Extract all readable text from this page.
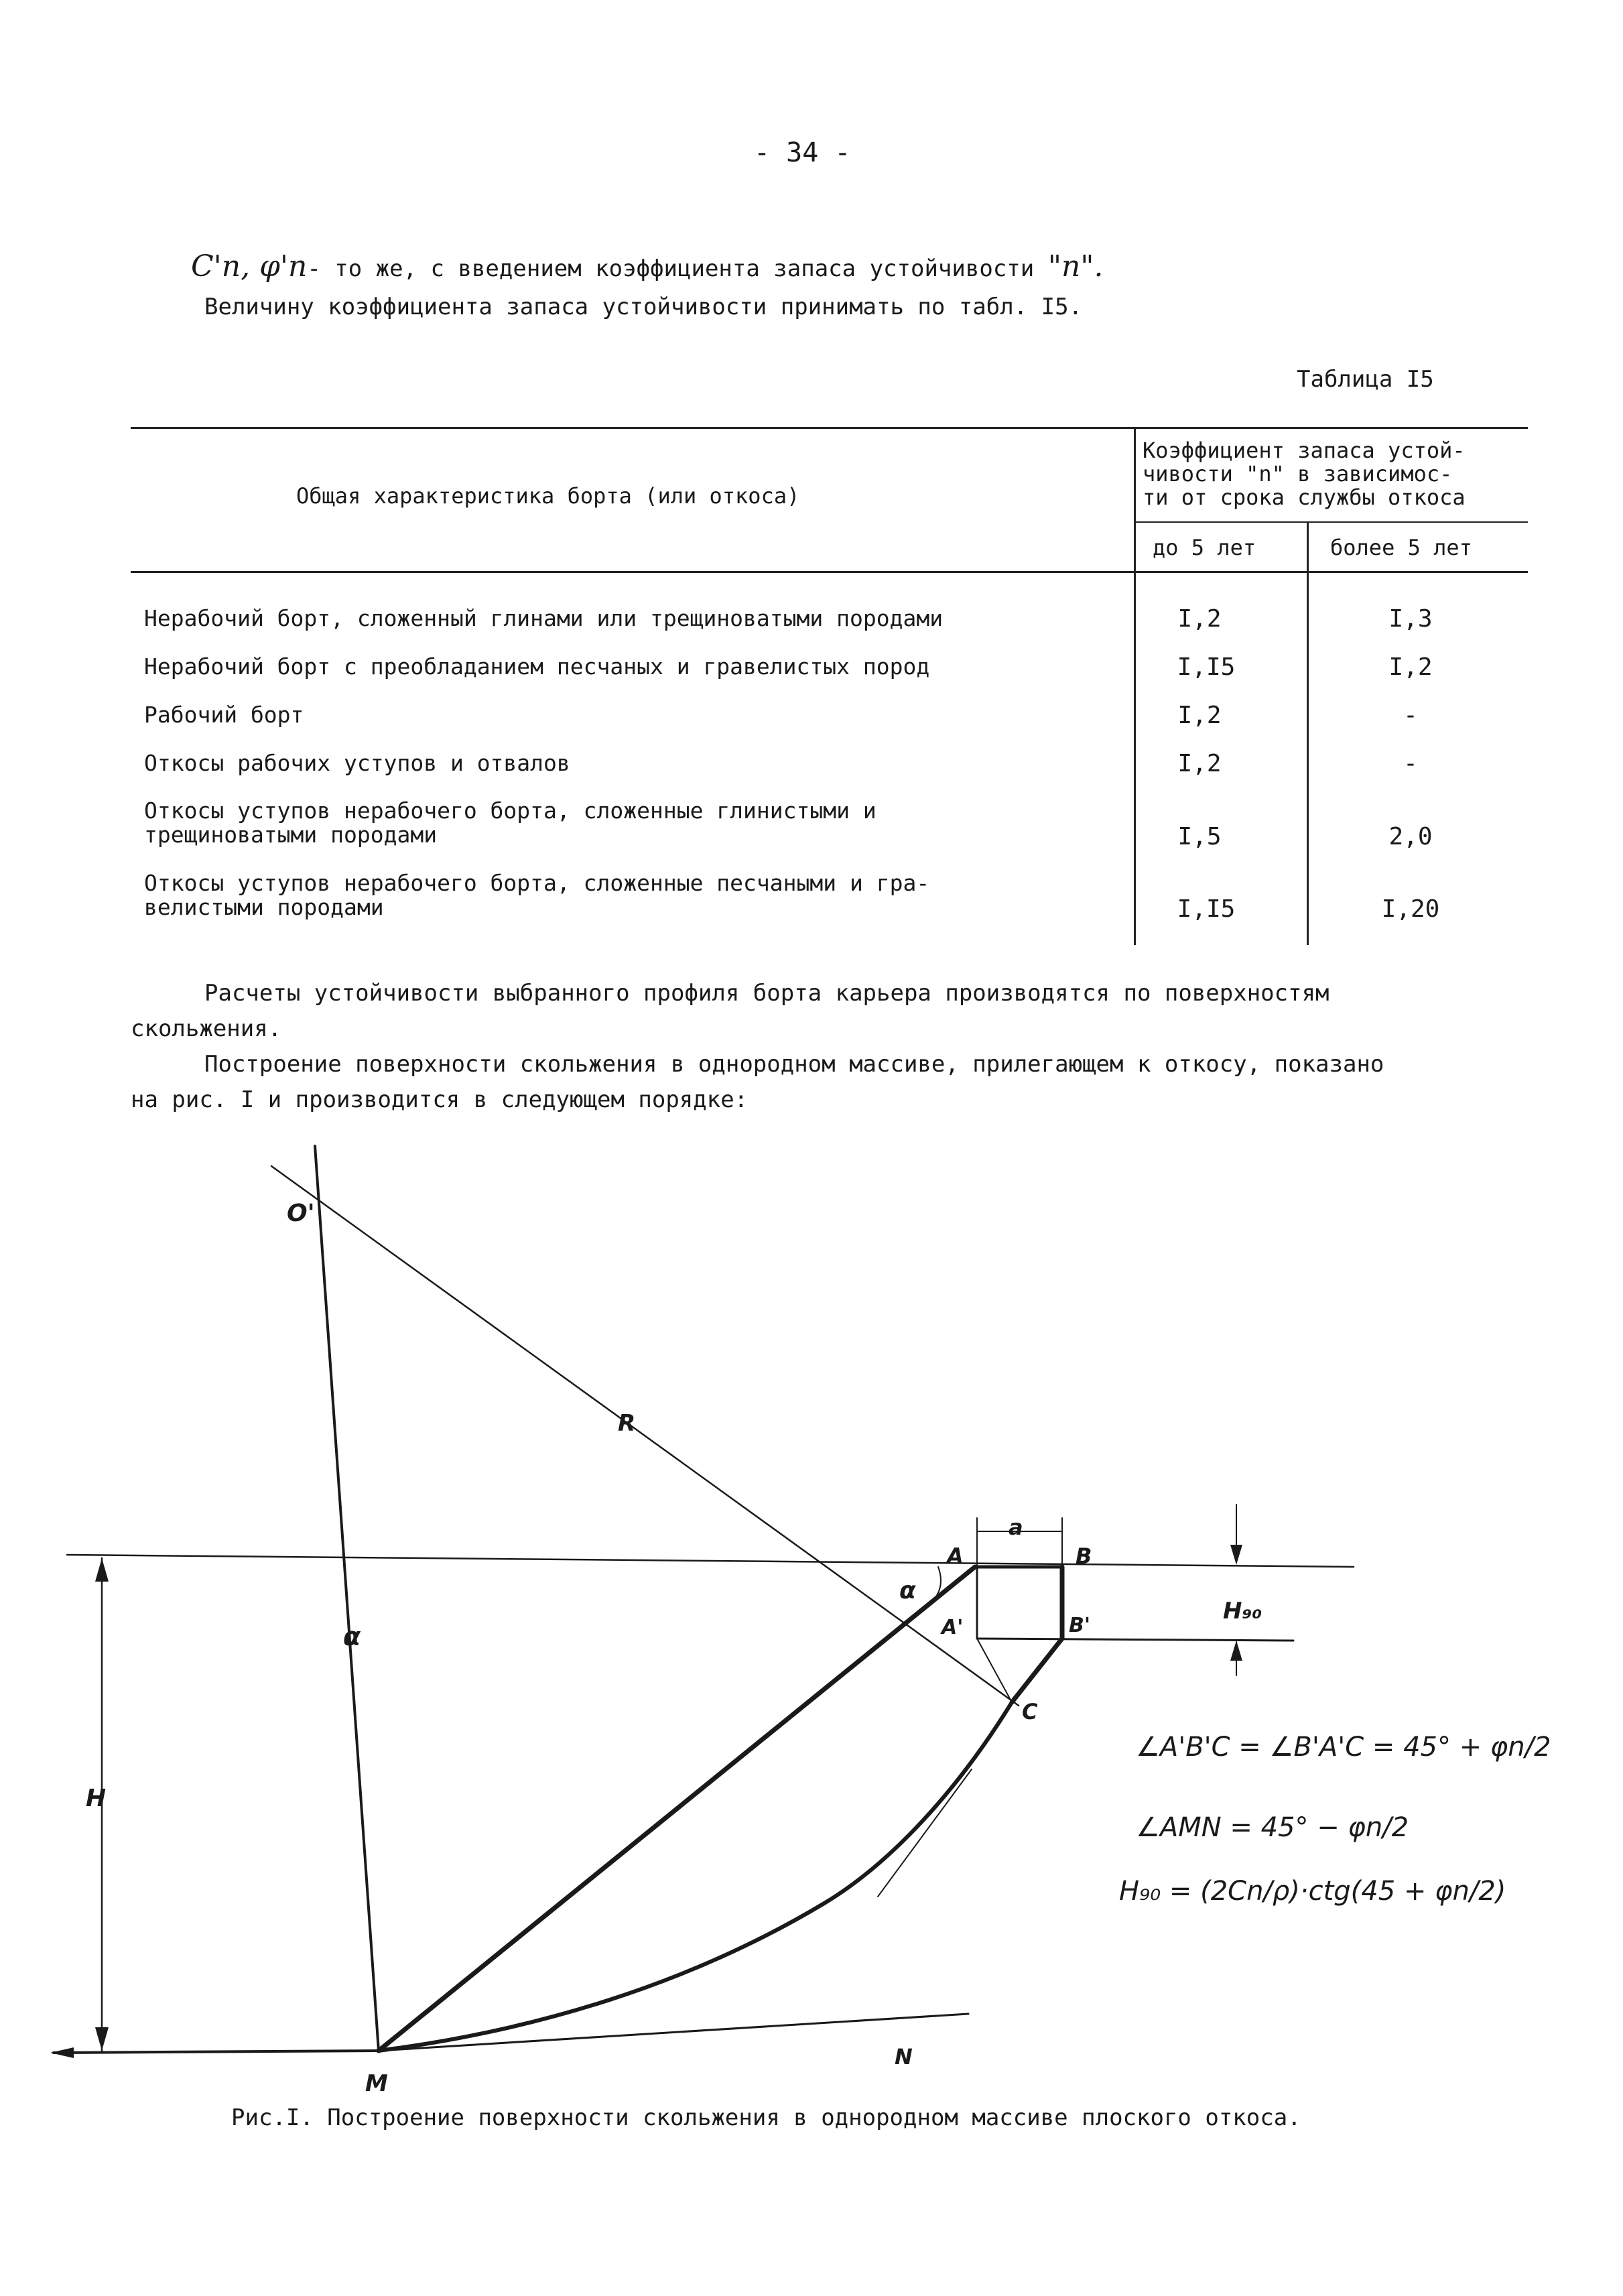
- 34 -
C'n, φ'n- то же, с введением коэффициента запаса устойчивости "n".
Величину коэффициента запаса устойчивости принимать по табл. I5.
Таблица I5
Общая характеристика борта (или откоса)
Коэффициент запаса устой-
чивости "n" в зависимос-
ти от срока службы откоса
до 5 лет	более 5 лет
Нерабочий борт, сложенный глинами или трещиноватыми породами	I,2	I,3
Нерабочий борт с преобладанием песчаных и гравелистых пород	I,I5	I,2
Рабочий борт	I,2	-
Откосы рабочих уступов и отвалов	I,2	-
Откосы уступов нерабочего борта, сложенные глинистыми и
трещиноватыми породами	I,5	2,0
Откосы уступов нерабочего борта, сложенные песчаными и гра-
велистыми породами	I,I5	I,20
Расчеты устойчивости выбранного профиля борта карьера производятся по поверхностям
скольжения.
Построение поверхности скольжения в однородном массиве, прилегающем к откосу, показано
на рис. I и производится в следующем порядке:
O'
R
α
H
A	B
A'	B'
C
M
N
a
α
H₉₀
∠A'B'C = ∠B'A'C = 45° + φn/2
∠AMN = 45° − φn/2
H₉₀ = (2Cn/ρ)·ctg(45 + φn/2)
Рис.I. Построение поверхности скольжения в однородном массиве плоского откоса.
